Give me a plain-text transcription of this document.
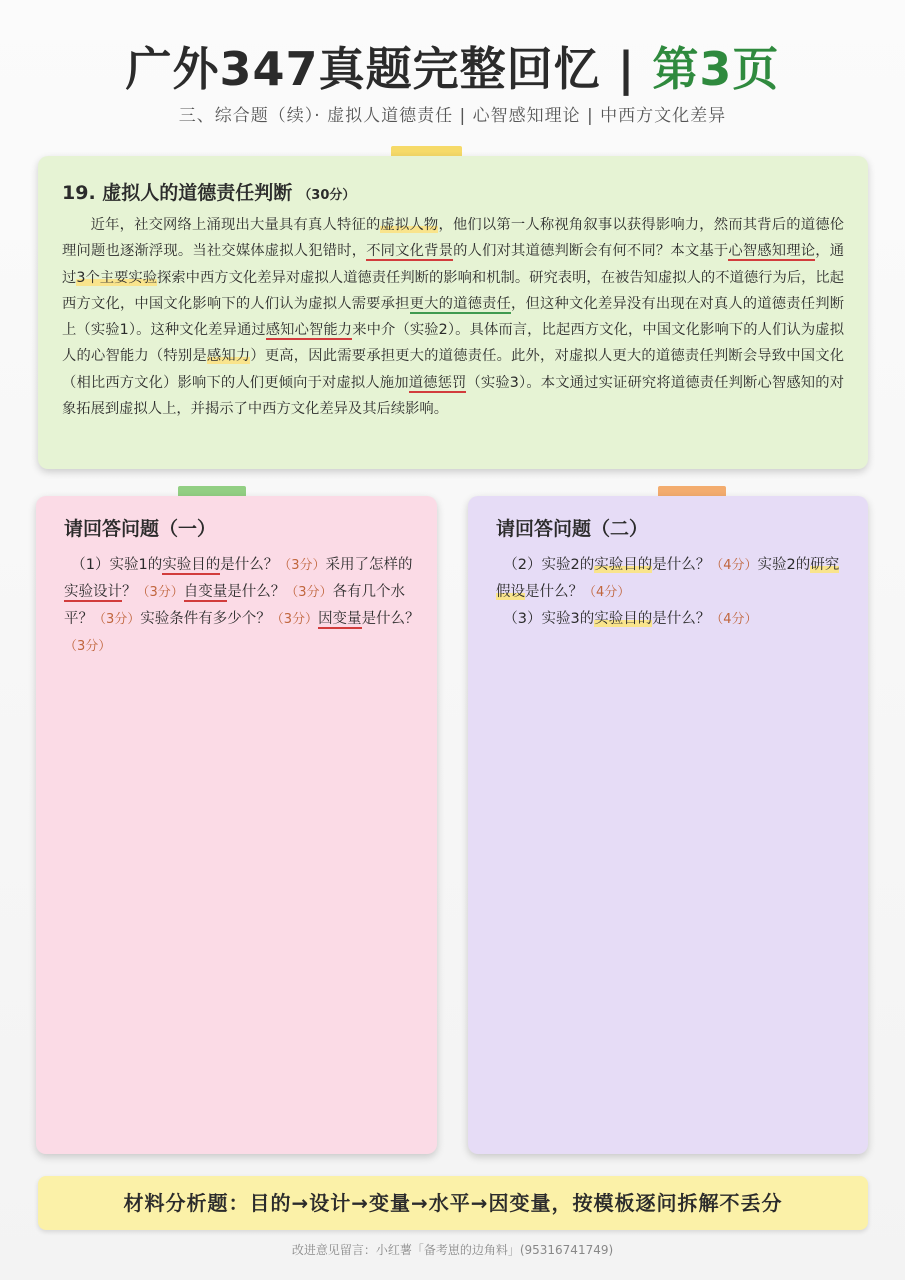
广外347真题完整回忆 | 第3页
三、综合题（续）· 虚拟人道德责任 | 心智感知理论 | 中西方文化差异
19. 虚拟人的道德责任判断 （30分）
近年，社交网络上涌现出大量具有真人特征的虚拟人物，他们以第一人称视角叙事以获得影响力，然而其背后的道德伦理问题也逐渐浮现。当社交媒体虚拟人犯错时，不同文化背景的人们对其道德判断会有何不同？本文基于心智感知理论，通过3个主要实验探索中西方文化差异对虚拟人道德责任判断的影响和机制。研究表明，在被告知虚拟人的不道德行为后，比起西方文化，中国文化影响下的人们认为虚拟人需要承担更大的道德责任，但这种文化差异没有出现在对真人的道德责任判断上（实验1）。这种文化差异通过感知心智能力来中介（实验2）。具体而言，比起西方文化，中国文化影响下的人们认为虚拟人的心智能力（特别是感知力）更高，因此需要承担更大的道德责任。此外，对虚拟人更大的道德责任判断会导致中国文化（相比西方文化）影响下的人们更倾向于对虚拟人施加道德惩罚（实验3）。本文通过实证研究将道德责任判断心智感知的对象拓展到虚拟人上，并揭示了中西方文化差异及其后续影响。
请回答问题（一）
（1）实验1的实验目的是什么？（3分）采用了怎样的实验设计？（3分）自变量是什么？（3分）各有几个水平？（3分）实验条件有多少个？（3分）因变量是什么？（3分）
请回答问题（二）
（2）实验2的实验目的是什么？（4分）实验2的研究假设是什么？（4分）
（3）实验3的实验目的是什么？（4分）
材料分析题：目的→设计→变量→水平→因变量，按模板逐问拆解不丢分
改进意见留言：小红薯「备考崽的边角料」(95316741749)
